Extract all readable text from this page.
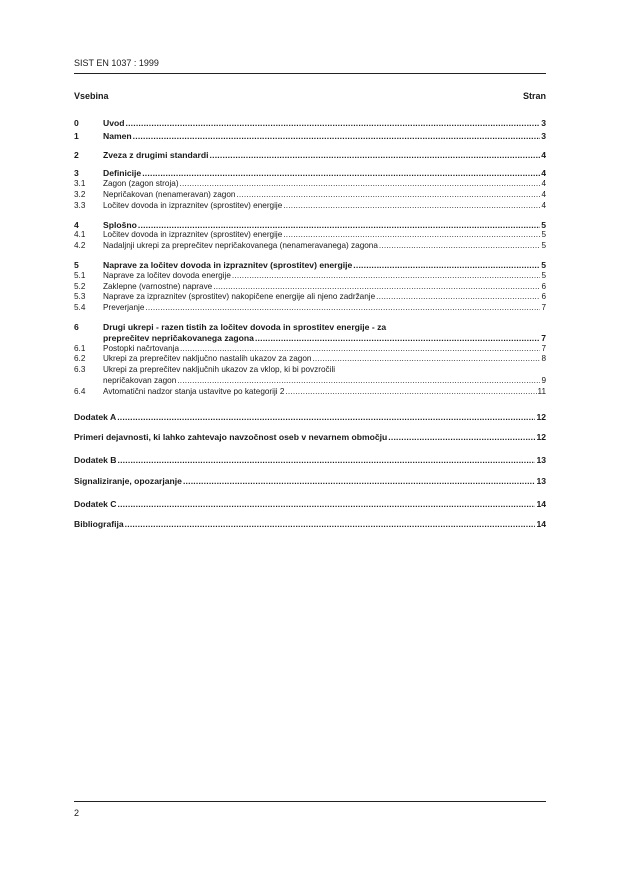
SIST EN 1037 : 1999
Vsebina	Stran
0	Uvod .....	3
1	Namen .....	3
2	Zveza z drugimi standardi .....	4
3	Definicije .....	4
3.1	Zagon (zagon stroja) .....	4
3.2	Nepričakovan (nenameravan) zagon .....	4
3.3	Ločitev dovoda in izpraznitev (sprostitev) energije .....	4
4	Splošno .....	5
4.1	Ločitev dovoda in izpraznitev (sprostitev) energije .....	5
4.2	Nadaljnji ukrepi za preprečitev nepričakovanega (nenameravanega) zagona .....	5
5	Naprave za ločitev dovoda in izpraznitev (sprostitev) energije .....	5
5.1	Naprave za ločitev dovoda energije .....	5
5.2	Zaklepne (varnostne) naprave .....	6
5.3	Naprave za izpraznitev (sprostitev) nakopičene energije ali njeno zadržanje .....	6
5.4	Preverjanje .....	7
6	Drugi ukrepi - razen tistih za ločitev dovoda in sprostitev energije - za
preprečitev nepričakovanega zagona .....	7
6.1	Postopki načrtovanja .....	7
6.2	Ukrepi za preprečitev naključno nastalih ukazov za zagon .....	8
6.3	Ukrepi za preprečitev naključnih ukazov za vklop, ki bi povzročili
nepričakovan zagon .....	9
6.4	Avtomatični nadzor stanja ustavitve po kategoriji 2 .....	11
Dodatek A .....	12
Primeri dejavnosti, ki lahko zahtevajo navzočnost oseb v nevarnem območju .....	12
Dodatek B .....	13
Signaliziranje, opozarjanje .....	13
Dodatek C .....	14
Bibliografija .....	14
2
